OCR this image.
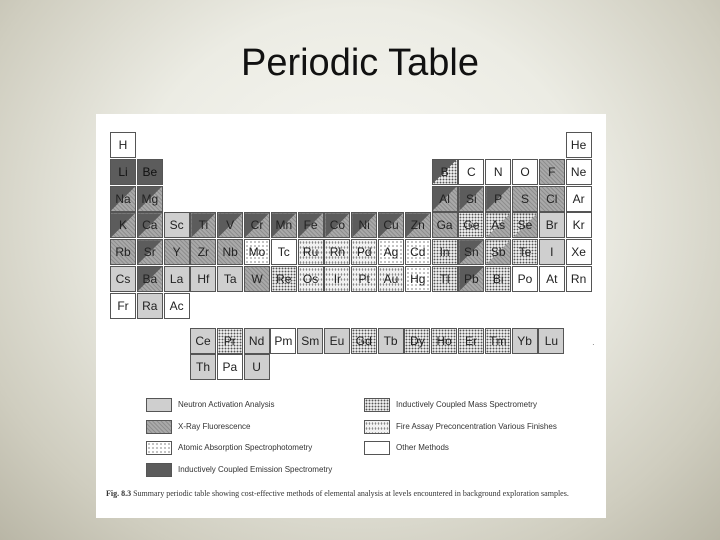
Periodic Table
H	He
Li Be	B C N O F Ne
Na Mg	Al Si P S Cl Ar
K Ca Sc Ti V Cr Mn Fe Co Ni Cu Zn Ga Ge As Se Br Kr
Rb Sr Y Zr Nb Mo Tc Ru Rh Pd Ag Cd In Sn Sb Te I Xe
Cs Ba La Hf Ta W Re Os Ir Pt Au Hg Tl Pb Bi Po At Rn
Fr Ra Ac
Ce Pr Nd Pm Sm Eu Gd Tb Dy Ho Er Tm Yb Lu
Th Pa U
Neutron Activation Analysis
X-Ray Fluorescence
Atomic Absorption Spectrophotometry
Inductively Coupled Emission Spectrometry
Inductively Coupled Mass Spectrometry
Fire Assay Preconcentration Various Finishes
Other Methods
·
Fig. 8.3 Summary periodic table showing cost-effective methods of elemental analysis at levels encountered in background exploration samples.
